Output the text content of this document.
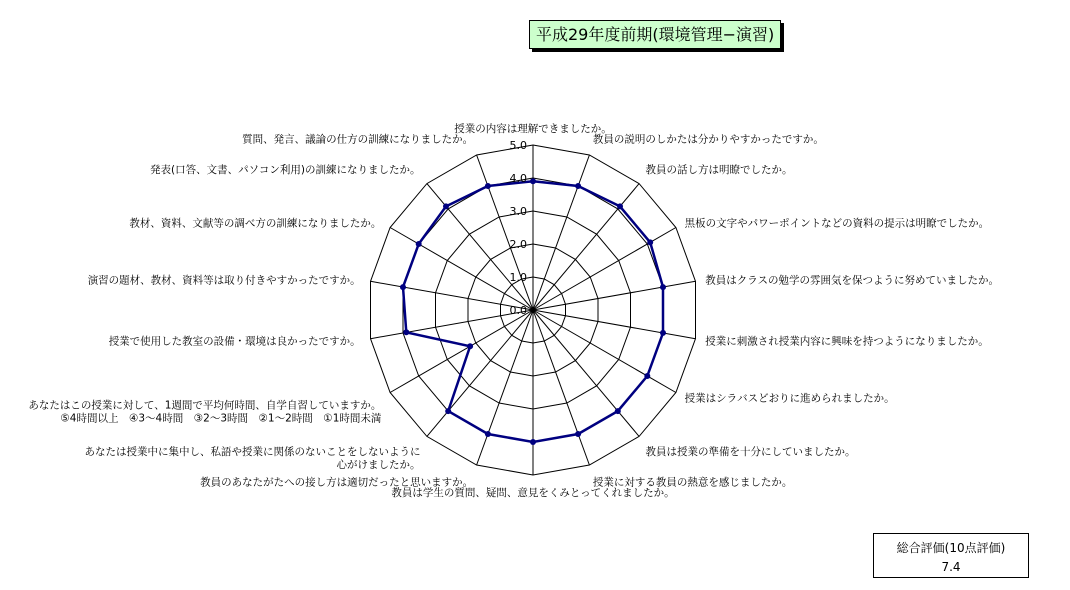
平成29年度前期(環境管理−演習)
0.0
1.0
2.0
3.0
4.0
5.0
授業の内容は理解できましたか。
教員の説明のしかたは分かりやすかったですか。
教員の話し方は明瞭でしたか。
黒板の文字やパワーポイントなどの資料の提示は明瞭でしたか。
教員はクラスの勉学の雰囲気を保つように努めていましたか。
授業に刺激され授業内容に興味を持つようになりましたか。
授業はシラバスどおりに進められましたか。
教員は授業の準備を十分にしていましたか。
授業に対する教員の熱意を感じましたか。
教員は学生の質問、疑問、意見をくみとってくれましたか。
教員のあなたがたへの接し方は適切だったと思いますか。
あなたは授業中に集中し、私語や授業に関係のないことをしないように
心がけましたか。
あなたはこの授業に対して、1週間で平均何時間、自学自習していますか。
⑤4時間以上　④3〜4時間　③2〜3時間　②1〜2時間　①1時間未満
授業で使用した教室の設備・環境は良かったですか。
演習の題材、教材、資料等は取り付きやすかったですか。
教材、資料、文献等の調べ方の訓練になりましたか。
発表(口答、文書、パソコン利用)の訓練になりましたか。
質問、発言、議論の仕方の訓練になりましたか。
総合評価(10点評価)
7.4
